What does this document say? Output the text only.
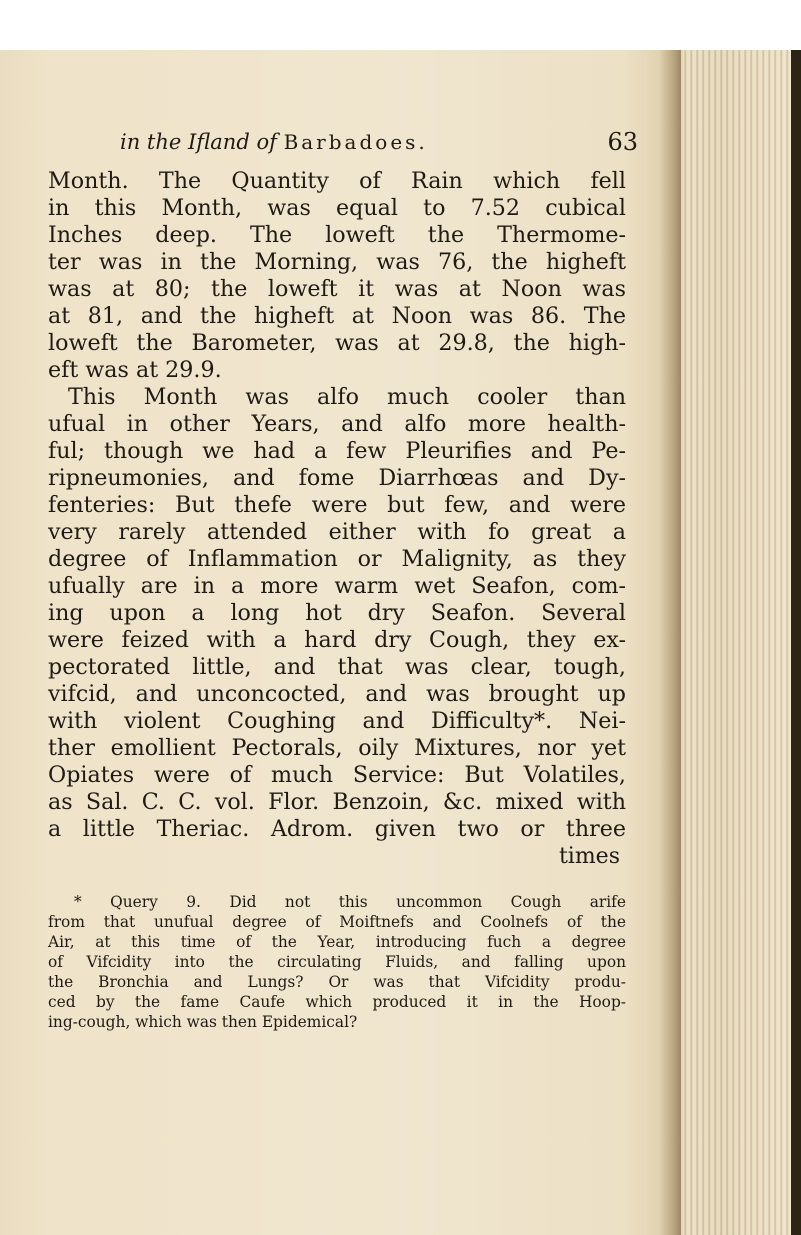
in the Ifland of Barbadoes.	63

Month. The Quantity of Rain which fell
in this Month, was equal to 7.52 cubical
Inches deep. The loweft the Thermome-
ter was in the Morning, was 76, the higheft
was at 80; the loweft it was at Noon was
at 81, and the higheft at Noon was 86. The
loweft the Barometer, was at 29.8, the high-
eft was at 29.9.
This Month was alfo much cooler than
ufual in other Years, and alfo more health-
ful; though we had a few Pleurifies and Pe-
ripneumonies, and fome Diarrhœas and Dy-
fenteries: But thefe were but few, and were
very rarely attended either with fo great a
degree of Inflammation or Malignity, as they
ufually are in a more warm wet Seafon, com-
ing upon a long hot dry Seafon. Several
were feized with a hard dry Cough, they ex-
pectorated little, and that was clear, tough,
vifcid, and unconcocted, and was brought up
with violent Coughing and Difficulty*. Nei-
ther emollient Pectorals, oily Mixtures, nor yet
Opiates were of much Service: But Volatiles,
as Sal. C. C. vol. Flor. Benzoin, &c. mixed with
a little Theriac. Adrom. given two or three
times

* Query 9. Did not this uncommon Cough arife
from that unufual degree of Moiftnefs and Coolnefs of the
Air, at this time of the Year, introducing fuch a degree
of Vifcidity into the circulating Fluids, and falling upon
the Bronchia and Lungs? Or was that Vifcidity produ-
ced by the fame Caufe which produced it in the Hoop-
ing-cough, which was then Epidemical?
